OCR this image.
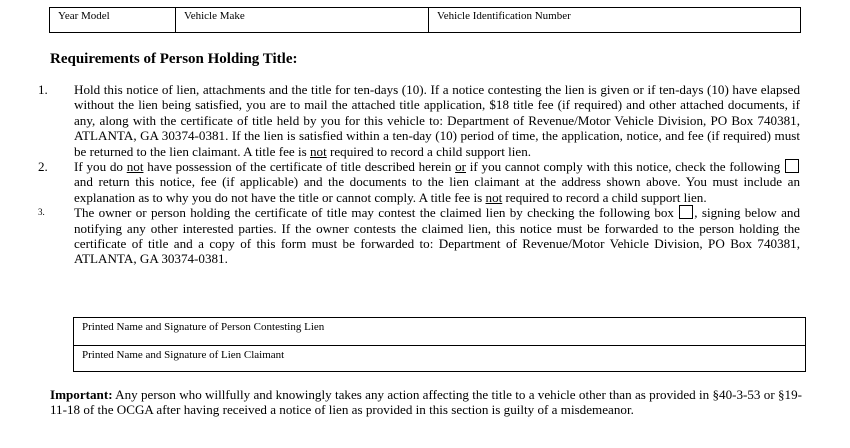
Year Model	Vehicle Make	Vehicle Identification Number
Requirements of Person Holding Title:

1. Hold this notice of lien, attachments and the title for ten-days (10). If a notice contesting the lien is given or if ten-days (10) have elapsed without the lien being satisfied, you are to mail the attached title application, $18 title fee (if required) and other attached documents, if any, along with the certificate of title held by you for this vehicle to: Department of Revenue/Motor Vehicle Division, PO Box 740381, ATLANTA, GA 30374-0381. If the lien is satisfied within a ten-day (10) period of time, the application, notice, and fee (if required) must be returned to the lien claimant. A title fee is not required to record a child support lien.

2. If you do not have possession of the certificate of title described herein or if you cannot comply with this notice, check the following  and return this notice, fee (if applicable) and the documents to the lien claimant at the address shown above. You must include an explanation as to why you do not have the title or cannot comply. A title fee is not required to record a child support lien.

3. The owner or person holding the certificate of title may contest the claimed lien by checking the following box , signing below and notifying any other interested parties. If the owner contests the claimed lien, this notice must be forwarded to the person holding the certificate of title and a copy of this form must be forwarded to: Department of Revenue/Motor Vehicle Division, PO Box 740381, ATLANTA, GA 30374-0381.

Printed Name and Signature of Person Contesting Lien
Printed Name and Signature of Lien Claimant
Important: Any person who willfully and knowingly takes any action affecting the title to a vehicle other than as provided in §40-3-53 or §19-11-18 of the OCGA after having received a notice of lien as provided in this section is guilty of a misdemeanor.
